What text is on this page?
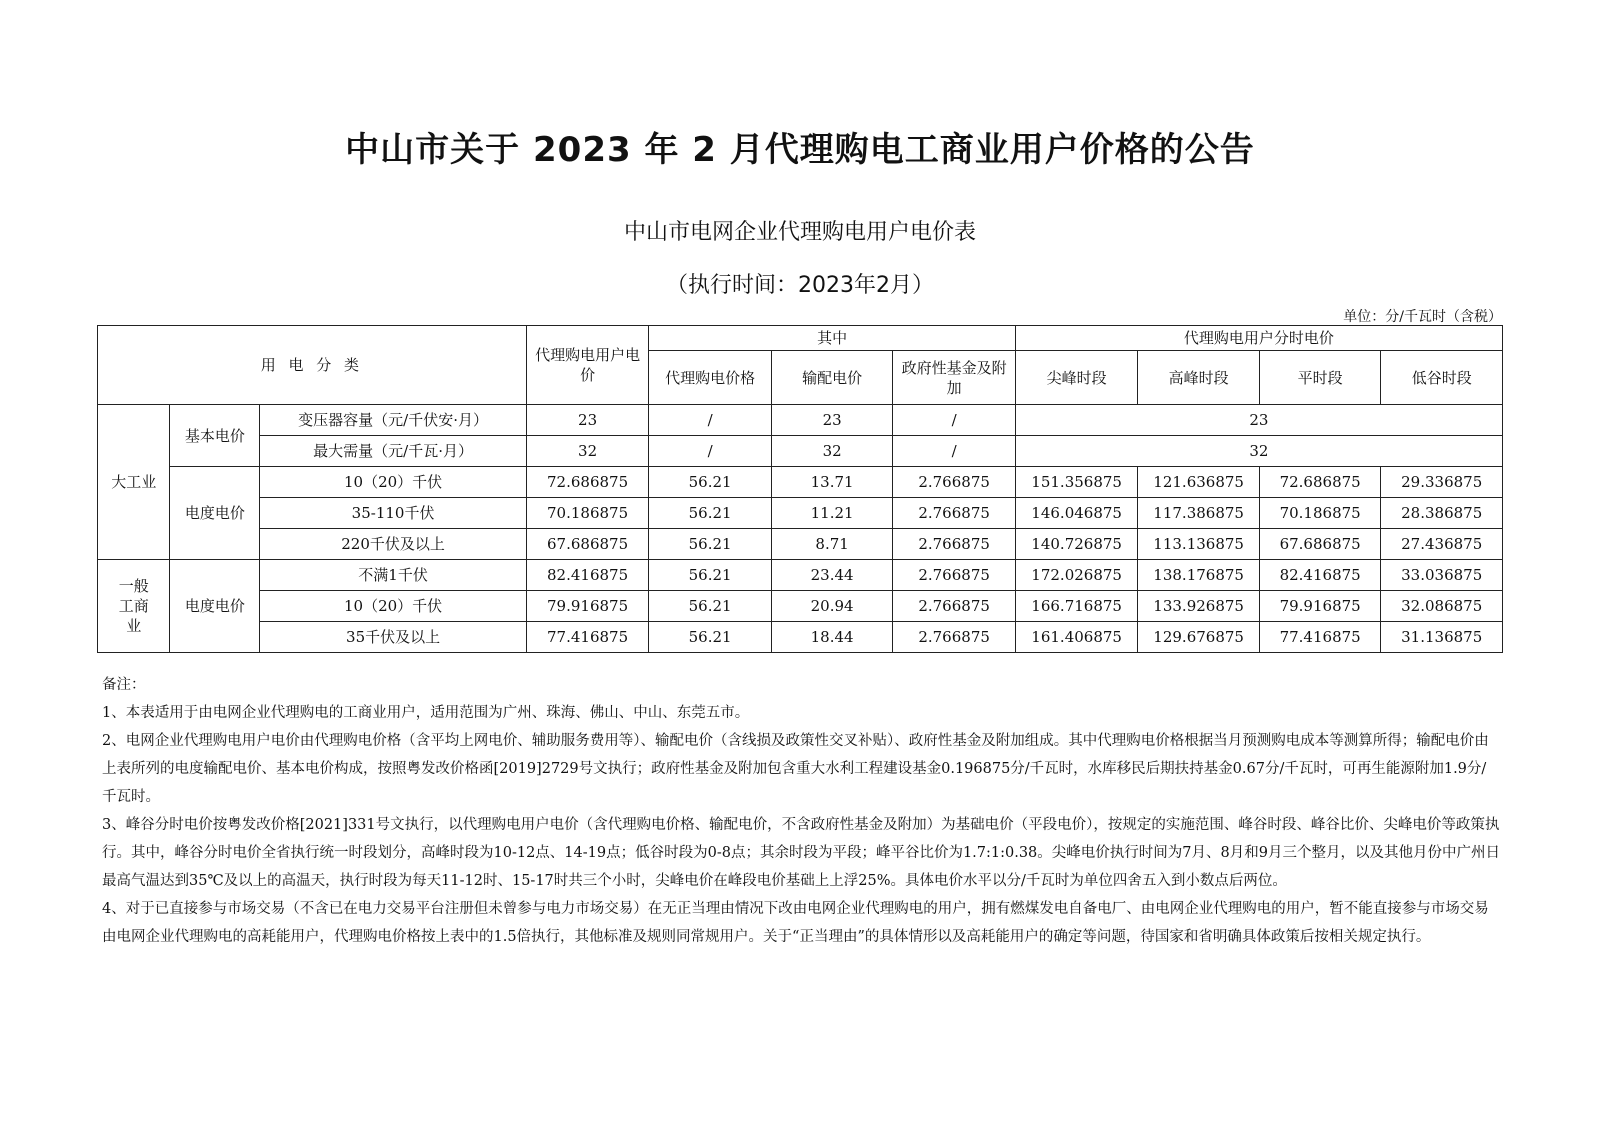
中山市关于 2023 年 2 月代理购电工商业用户价格的公告
中山市电网企业代理购电用户电价表
（执行时间：2023年2月）
单位：分/千瓦时（含税）
用 电 分 类			代理购电用户电价	其中			代理购电用户分时电价			
				代理购电价格	输配电价	政府性基金及附加	尖峰时段	高峰时段	平时段	低谷时段
大工业	基本电价	变压器容量（元/千伏安·月）	23	/	23	/	23			
		最大需量（元/千瓦·月）	32	/	32	/	32			
	电度电价	10（20）千伏	72.686875	56.21	13.71	2.766875	151.356875	121.636875	72.686875	29.336875
		35-110千伏	70.186875	56.21	11.21	2.766875	146.046875	117.386875	70.186875	28.386875
		220千伏及以上	67.686875	56.21	8.71	2.766875	140.726875	113.136875	67.686875	27.436875
一般工商业	电度电价	不满1千伏	82.416875	56.21	23.44	2.766875	172.026875	138.176875	82.416875	33.036875
		10（20）千伏	79.916875	56.21	20.94	2.766875	166.716875	133.926875	79.916875	32.086875
		35千伏及以上	77.416875	56.21	18.44	2.766875	161.406875	129.676875	77.416875	31.136875

备注：

1、本表适用于由电网企业代理购电的工商业用户，适用范围为广州、珠海、佛山、中山、东莞五市。

2、电网企业代理购电用户电价由代理购电价格（含平均上网电价、辅助服务费用等）、输配电价（含线损及政策性交叉补贴）、政府性基金及附加组成。其中代理购电价格根据当月预测购电成本等测算所得；输配电价由上表所列的电度输配电价、基本电价构成，按照粤发改价格函[2019]2729号文执行；政府性基金及附加包含重大水利工程建设基金0.196875分/千瓦时，水库移民后期扶持基金0.67分/千瓦时，可再生能源附加1.9分/千瓦时。

3、峰谷分时电价按粤发改价格[2021]331号文执行，以代理购电用户电价（含代理购电价格、输配电价，不含政府性基金及附加）为基础电价（平段电价），按规定的实施范围、峰谷时段、峰谷比价、尖峰电价等政策执行。其中，峰谷分时电价全省执行统一时段划分，高峰时段为10-12点、14-19点；低谷时段为0-8点；其余时段为平段；峰平谷比价为1.7:1:0.38。尖峰电价执行时间为7月、8月和9月三个整月，以及其他月份中广州日最高气温达到35℃及以上的高温天，执行时段为每天11-12时、15-17时共三个小时，尖峰电价在峰段电价基础上上浮25%。具体电价水平以分/千瓦时为单位四舍五入到小数点后两位。

4、对于已直接参与市场交易（不含已在电力交易平台注册但未曾参与电力市场交易）在无正当理由情况下改由电网企业代理购电的用户，拥有燃煤发电自备电厂、由电网企业代理购电的用户，暂不能直接参与市场交易由电网企业代理购电的高耗能用户，代理购电价格按上表中的1.5倍执行，其他标准及规则同常规用户。关于“正当理由”的具体情形以及高耗能用户的确定等问题，待国家和省明确具体政策后按相关规定执行。
